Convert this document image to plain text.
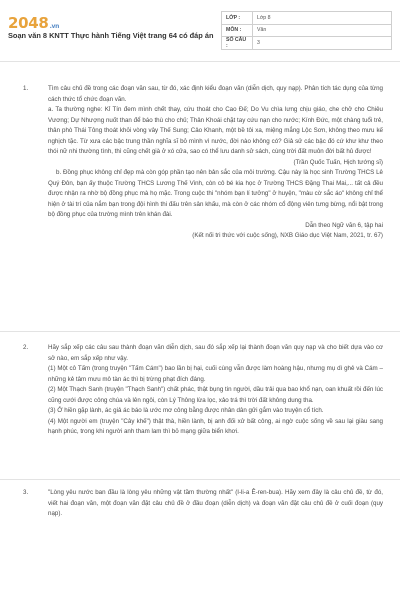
2048.vn
Soạn văn 8 KNTT Thực hành Tiếng Việt trang 64 có đáp án
LỚP :	Lớp 8
MÔN :	Văn
SỐ CÂU :	3
1.	Tìm câu chủ đề trong các đoạn văn sau, từ đó, xác định kiểu đoạn văn (diễn dịch, quy nạp). Phân tích tác dụng của từng cách thức tổ chức đoạn văn.

a. Ta thường nghe: Kỉ Tín đem mình chết thay, cứu thoát cho Cao Đế; Do Vu chìa lưng chịu giáo, che chở cho Chiêu Vương; Dự Nhượng nuốt than để báo thù cho chủ; Thân Khoái chặt tay cứu nạn cho nước; Kính Đức, một chàng tuổi trẻ, thân phò Thái Tông thoát khỏi vòng vây Thế Sung; Cảo Khanh, một bề tôi xa, miệng mắng Lộc Sơn, không theo mưu kế nghịch tặc. Từ xưa các bậc trung thần nghĩa sĩ bỏ mình vì nước, đời nào không có? Giả sử các bậc đó cứ khư khư theo thói nữ nhi thường tình, thì cũng chết già ở xó cửa, sao có thể lưu danh sử sách, cùng trời đất muôn đời bất hủ được!

(Trần Quốc Tuấn, Hịch tướng sĩ)

b. Đồng phục không chỉ đẹp mà còn góp phần tạo nên bản sắc của môi trường. Cậu này là học sinh Trường THCS Lê Quý Đôn, bạn ấy thuộc Trường THCS Lương Thế Vinh, còn cô bé kia học ở Trường THCS Đặng Thai Mai,... tất cả đều được nhận ra nhờ bộ đồng phục mà họ mặc. Trong cuộc thi "nhóm bạn lí tưởng" ở huyện, "màu cờ sắc áo" không chỉ thể hiện ở tài trí của nắm bạn trong đội hình thi đấu trên sân khấu, mà còn ở các nhóm cổ động viên tưng bừng, nổi bật trong bộ đồng phục của trường mình trên khán đài.

Dẫn theo Ngữ văn 6, tập hai

(Kết nối tri thức với cuộc sống), NXB Giáo dục Việt Nam, 2021, tr. 67)

2.	Hãy sắp xếp các câu sau thành đoạn văn diễn dịch, sau đó sắp xếp lại thành đoạn văn quy nạp và cho biết dựa vào cơ sở nào, em sắp xếp như vậy.

(1) Một cô Tấm (trong truyện "Tấm Cám") bao lần bị hại, cuối cùng vẫn được làm hoàng hậu, nhưng mụ dì ghẻ và Cám – những kẻ tâm mưu mô tàn ác thì bị trừng phạt đích đáng.

(2) Một Thạch Sanh (truyện "Thạch Sanh") chất phác, thật bụng tin người, dầu trải qua bao khổ nạn, oan khuất rồi đến lúc cũng cưới được công chúa và lên ngôi, còn Lý Thông lừa lọc, xảo trá thì trời đất không dung tha.

(3) Ở hiền gặp lành, ác giả ác báo là ước mơ công bằng được nhân dân gửi gắm vào truyện cổ tích.

(4) Một người em (truyện "Cây khế") thật thà, hiền lành, bị anh đối xử bất công, ai ngờ cuộc sống về sau lại giàu sang hạnh phúc, trong khi người anh tham lam thì bỏ mạng giữa biển khơi.

3.	"Lòng yêu nước ban đầu là lòng yêu những vật tầm thường nhất" (I-li-a Ê-ren-bua). Hãy xem đây là câu chủ đề, từ đó, viết hai đoạn văn, một đoạn văn đặt câu chủ đề ở đầu đoạn (diễn dịch) và đoạn văn đặt câu chủ đề ở cuối đoạn (quy nạp).
